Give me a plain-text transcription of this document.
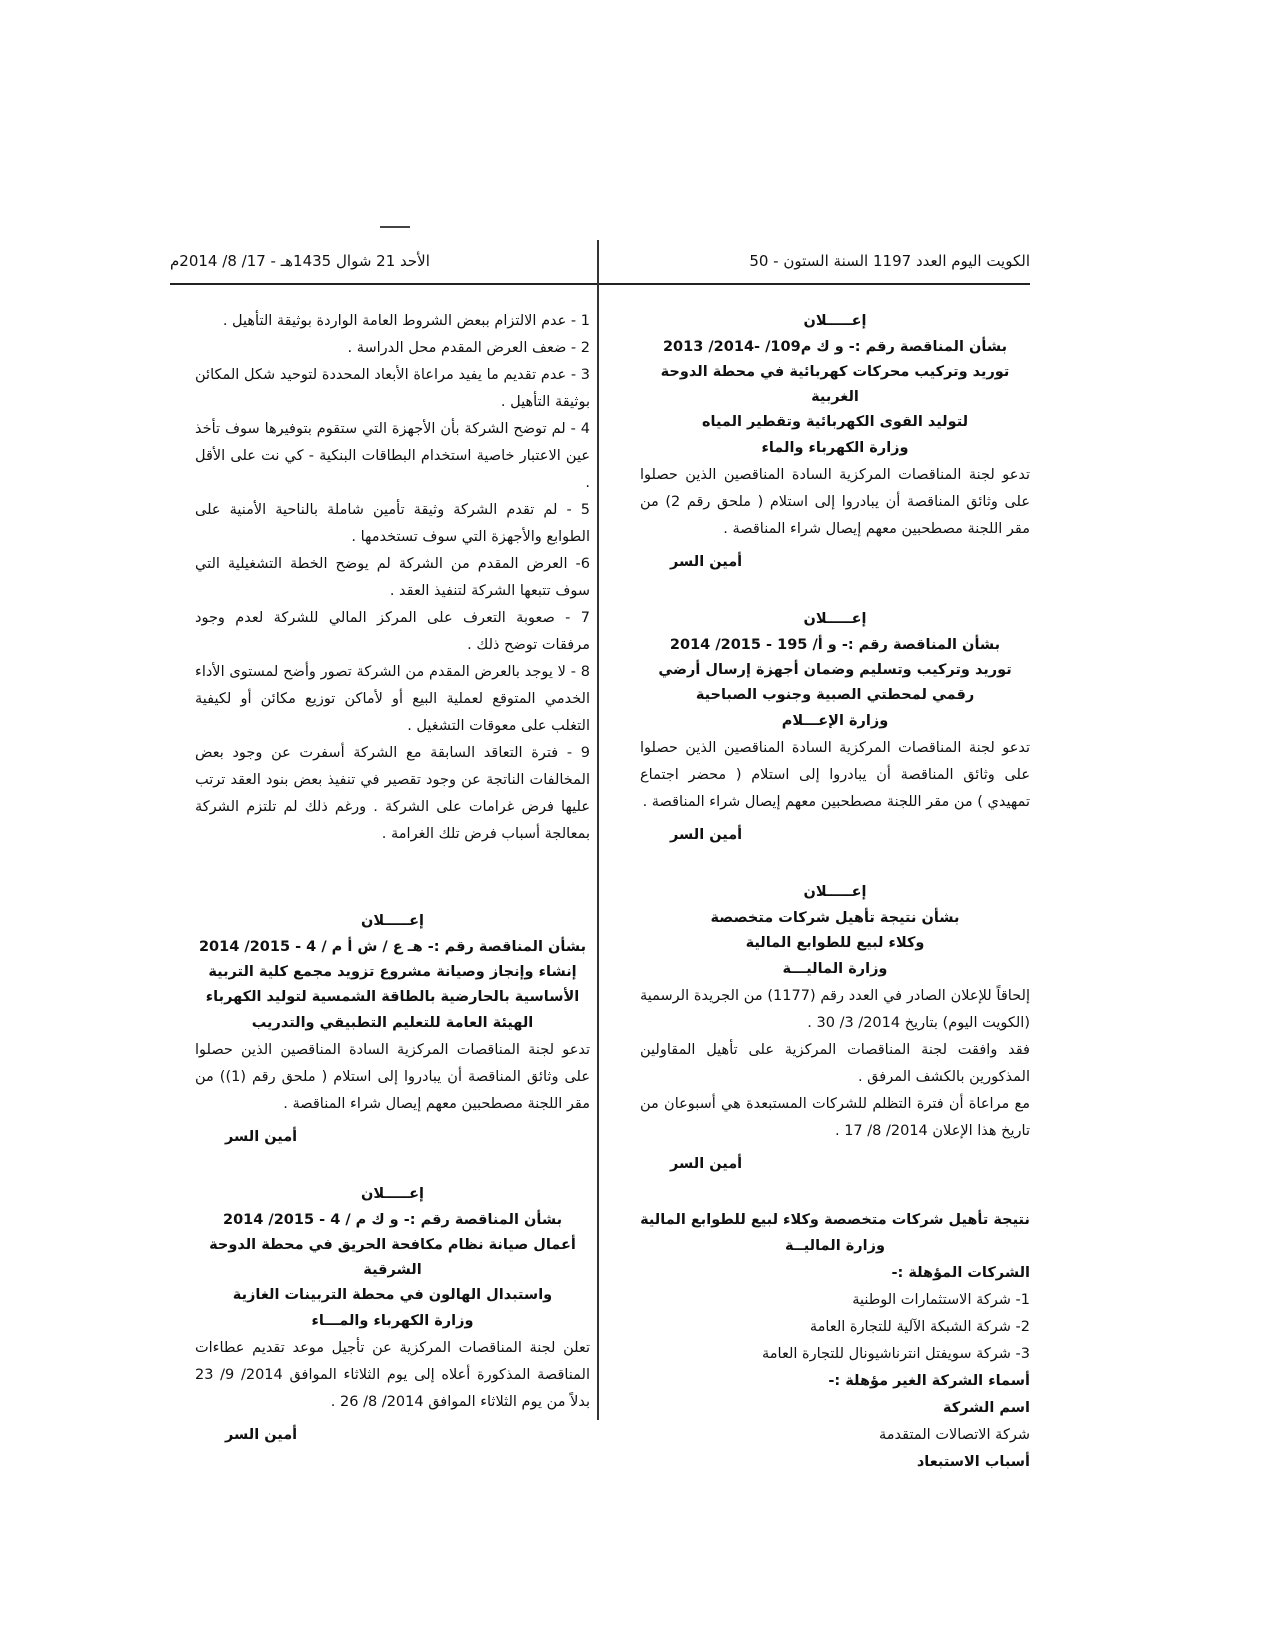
الكويت اليوم العدد 1197 السنة الستون - 50
الأحد 21 شوال 1435هـ - 17/ 8/ 2014م

إعـــــلان

بشأن المناقصة رقم :- و ك م109/ -2014/ 2013

توريد وتركيب محركات كهربائية في محطة الدوحة الغربية

لتوليد القوى الكهربائية وتقطير المياه

وزارة الكهرباء والماء

تدعو لجنة المناقصات المركزية السادة المناقصين الذين حصلوا على وثائق المناقصة أن يبادروا إلى استلام ( ملحق رقم 2) من مقر اللجنة مصطحبين معهم إيصال شراء المناقصة .

أمين السر

إعـــــلان

بشأن المناقصة رقم :- و أ/ 195 - 2015/ 2014

توريد وتركيب وتسليم وضمان أجهزة إرسال أرضي

رقمي لمحطتي الصبية وجنوب الصباحية

وزارة الإعـــلام

تدعو لجنة المناقصات المركزية السادة المناقصين الذين حصلوا على وثائق المناقصة أن يبادروا إلى استلام ( محضر اجتماع تمهيدي ) من مقر اللجنة مصطحبين معهم إيصال شراء المناقصة .

أمين السر

إعـــــلان

بشأن نتيجة تأهيل شركات متخصصة

وكلاء لبيع للطوابع المالية

وزارة الماليـــة

إلحاقاً للإعلان الصادر في العدد رقم (1177) من الجريدة الرسمية (الكويت اليوم) بتاريخ 2014/ 3/ 30 .

فقد وافقت لجنة المناقصات المركزية على تأهيل المقاولين المذكورين بالكشف المرفق .

مع مراعاة أن فترة التظلم للشركات المستبعدة هي أسبوعان من تاريخ هذا الإعلان 2014/ 8/ 17 .

أمين السر

نتيجة تأهيل شركات متخصصة وكلاء لبيع للطوابع المالية

وزارة الماليــة

الشركات المؤهلة :-

1- شركة الاستثمارات الوطنية

2- شركة الشبكة الآلية للتجارة العامة

3- شركة سويفتل انترناشيونال للتجارة العامة

أسماء الشركة الغير مؤهلة :-

اسم الشركة

شركة الاتصالات المتقدمة

أسباب الاستبعاد

1 - عدم الالتزام ببعض الشروط العامة الواردة بوثيقة التأهيل .

2 - ضعف العرض المقدم محل الدراسة .

3 - عدم تقديم ما يفيد مراعاة الأبعاد المحددة لتوحيد شكل المكائن بوثيقة التأهيل .

4 - لم توضح الشركة بأن الأجهزة التي ستقوم بتوفيرها سوف تأخذ عين الاعتبار خاصية استخدام البطاقات البنكية - كي نت على الأقل .

5 - لم تقدم الشركة وثيقة تأمين شاملة بالناحية الأمنية على الطوابع والأجهزة التي سوف تستخدمها .

6- العرض المقدم من الشركة لم يوضح الخطة التشغيلية التي سوف تتبعها الشركة لتنفيذ العقد .

7 - صعوبة التعرف على المركز المالي للشركة لعدم وجود مرفقات توضح ذلك .

8 - لا يوجد بالعرض المقدم من الشركة تصور وأضح لمستوى الأداء الخدمي المتوقع لعملية البيع أو لأماكن توزيع مكائن أو لكيفية التغلب على معوقات التشغيل .

9 - فترة التعاقد السابقة مع الشركة أسفرت عن وجود بعض المخالفات الناتجة عن وجود تقصير في تنفيذ بعض بنود العقد ترتب عليها فرض غرامات على الشركة . ورغم ذلك لم تلتزم الشركة بمعالجة أسباب فرض تلك الغرامة .

إعـــــلان

بشأن المناقصة رقم :- هـ ع / ش أ م / 4 - 2015/ 2014

إنشاء وإنجاز وصيانة مشروع تزويد مجمع كلية التربية

الأساسية بالحارضية بالطاقة الشمسية لتوليد الكهرباء

الهيئة العامة للتعليم التطبيقي والتدريب

تدعو لجنة المناقصات المركزية السادة المناقصين الذين حصلوا على وثائق المناقصة أن يبادروا إلى استلام ( ملحق رقم (1)) من مقر اللجنة مصطحبين معهم إيصال شراء المناقصة .

أمين السر

إعـــــلان

بشأن المناقصة رقم :- و ك م / 4 - 2015/ 2014

أعمال صيانة نظام مكافحة الحريق في محطة الدوحة الشرقية

واستبدال الهالون في محطة التربينات الغازية

وزارة الكهرباء والمـــاء

تعلن لجنة المناقصات المركزية عن تأجيل موعد تقديم عطاءات المناقصة المذكورة أعلاه إلى يوم الثلاثاء الموافق 2014/ 9/ 23 بدلاً من يوم الثلاثاء الموافق 2014/ 8/ 26 .

أمين السر
